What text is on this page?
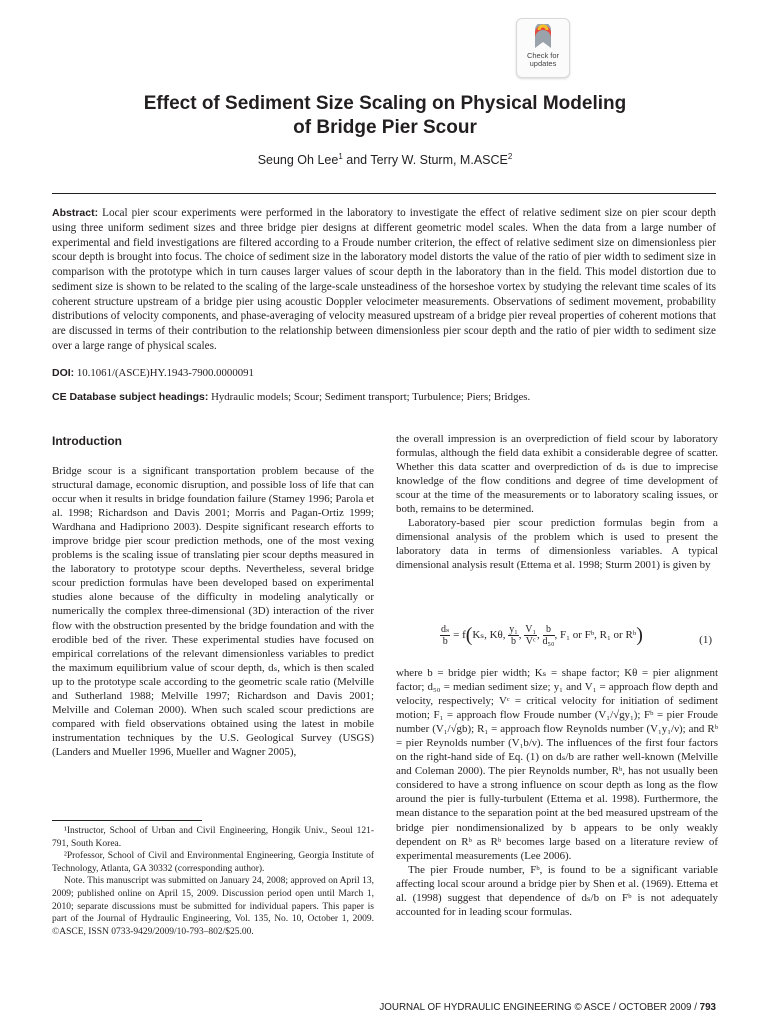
Check for
updates
Effect of Sediment Size Scaling on Physical Modeling
of Bridge Pier Scour
Seung Oh Lee$^1$ and Terry W. Sturm, M.ASCE$^2$
Abstract: Local pier scour experiments were performed in the laboratory to investigate the effect of relative sediment size on pier scour depth using three uniform sediment sizes and three bridge pier designs at different geometric model scales. When the data from a large number of experimental and field investigations are filtered according to a Froude number criterion, the effect of relative sediment size on dimensionless pier scour depth is brought into focus. The choice of sediment size in the laboratory model distorts the value of the ratio of pier width to sediment size in comparison with the prototype which in turn causes larger values of scour depth in the laboratory than in the field. This model distortion due to sediment size is shown to be related to the scaling of the large-scale unsteadiness of the horseshoe vortex by studying the relevant time scales of its coherent structure upstream of a bridge pier using acoustic Doppler velocimeter measurements. Observations of sediment movement, probability distributions of velocity components, and phase-averaging of velocity measured upstream of a bridge pier reveal properties of coherent motions that are discussed in terms of their contribution to the relationship between dimensionless pier scour depth and the ratio of pier width to sediment size over a large range of physical scales.
DOI: 10.1061/(ASCE)HY.1943-7900.0000091
CE Database subject headings: Hydraulic models; Scour; Sediment transport; Turbulence; Piers; Bridges.
Introduction

Bridge scour is a significant transportation problem because of the structural damage, economic disruption, and possible loss of life that can occur when it results in bridge foundation failure (Stamey 1996; Parola et al. 1998; Richardson and Davis 2001; Morris and Pagan-Ortiz 1999; Wardhana and Hadipriono 2003). Despite significant research efforts to improve bridge pier scour prediction methods, one of the most vexing problems is the scaling issue of translating pier scour depths measured in the laboratory to prototype scour depths. Nevertheless, several bridge scour prediction formulas have been developed based on experimental studies alone because of the difficulty in modeling analytically or numerically the complex three-dimensional (3D) interaction of the river flow with the obstruction presented by the bridge foundation and with the erodible bed of the river. These experimental studies have focused on empirical correlations of the relevant dimensionless variables to predict the maximum equilibrium value of scour depth, dₛ, which is then scaled up to the prototype scale according to the geometric scale ratio (Melville and Sutherland 1988; Melville 1997; Richardson and Davis 2001; Melville and Coleman 2000). When such scaled scour predictions are compared with field observations obtained using the latest in mobile instrumentation techniques by the U.S. Geological Survey (USGS) (Landers and Mueller 1996, Mueller and Wagner 2005),

¹Instructor, School of Urban and Civil Engineering, Hongik Univ., Seoul 121-791, South Korea.

²Professor, School of Civil and Environmental Engineering, Georgia Institute of Technology, Atlanta, GA 30332 (corresponding author).

Note. This manuscript was submitted on January 24, 2008; approved on April 13, 2009; published online on April 15, 2009. Discussion period open until March 1, 2010; separate discussions must be submitted for individual papers. This paper is part of the Journal of Hydraulic Engineering, Vol. 135, No. 10, October 1, 2009. ©ASCE, ISSN 0733-9429/2009/10-793–802/$25.00.

the overall impression is an overprediction of field scour by laboratory formulas, although the field data exhibit a considerable degree of scatter. Whether this data scatter and overprediction of dₛ is due to imprecise knowledge of the flow conditions and degree of time development of scour at the time of the measurements or to laboratory scaling issues, or both, remains to be determined.

Laboratory-based pier scour prediction formulas begin from a dimensional analysis of the problem which is used to present the laboratory data in terms of dimensionless variables. A typical dimensional analysis result (Ettema et al. 1998; Sturm 2001) is given by

$\frac{\text{dₛ}}{b} = f(K_s$, Kθ, $\frac{\text{y₁}}{b}$ , $\frac{\text{V₁}}{\text{Vᶜ}}$ , $\frac{b}{\text{d₅₀}}$ , F₁ or Fᵇ, R₁ or Rᵇ)	(1)

where b = bridge pier width; Kₛ = shape factor; Kθ = pier alignment factor; d₅₀ = median sediment size; y₁ and V₁ = approach flow depth and velocity, respectively; Vᶜ = critical velocity for initiation of sediment motion; F₁ = approach flow Froude number (V₁/√gy₁); Fᵇ = pier Froude number (V₁/√gb); R₁ = approach flow Reynolds number (V₁y₁/ν); and Rᵇ = pier Reynolds number (V₁b/ν). The influences of the first four factors on the right-hand side of Eq. (1) on dₛ/b are rather well-known (Melville and Coleman 2000). The pier Reynolds number, Rᵇ, has not usually been considered to have a strong influence on scour depth as long as the flow around the pier is fully-turbulent (Ettema et al. 1998). Furthermore, the mean distance to the separation point at the bed measured upstream of the bridge pier nondimensionalized by b appears to be only weakly dependent on Rᵇ as Rᵇ becomes large based on a literature review of experimental measurements (Lee 2006).

The pier Froude number, Fᵇ, is found to be a significant variable affecting local scour around a bridge pier by Shen et al. (1969). Ettema et al. (1998) suggest that dependence of dₛ/b on Fᵇ is not adequately accounted for in leading scour formulas.

JOURNAL OF HYDRAULIC ENGINEERING © ASCE / OCTOBER 2009 / 793
